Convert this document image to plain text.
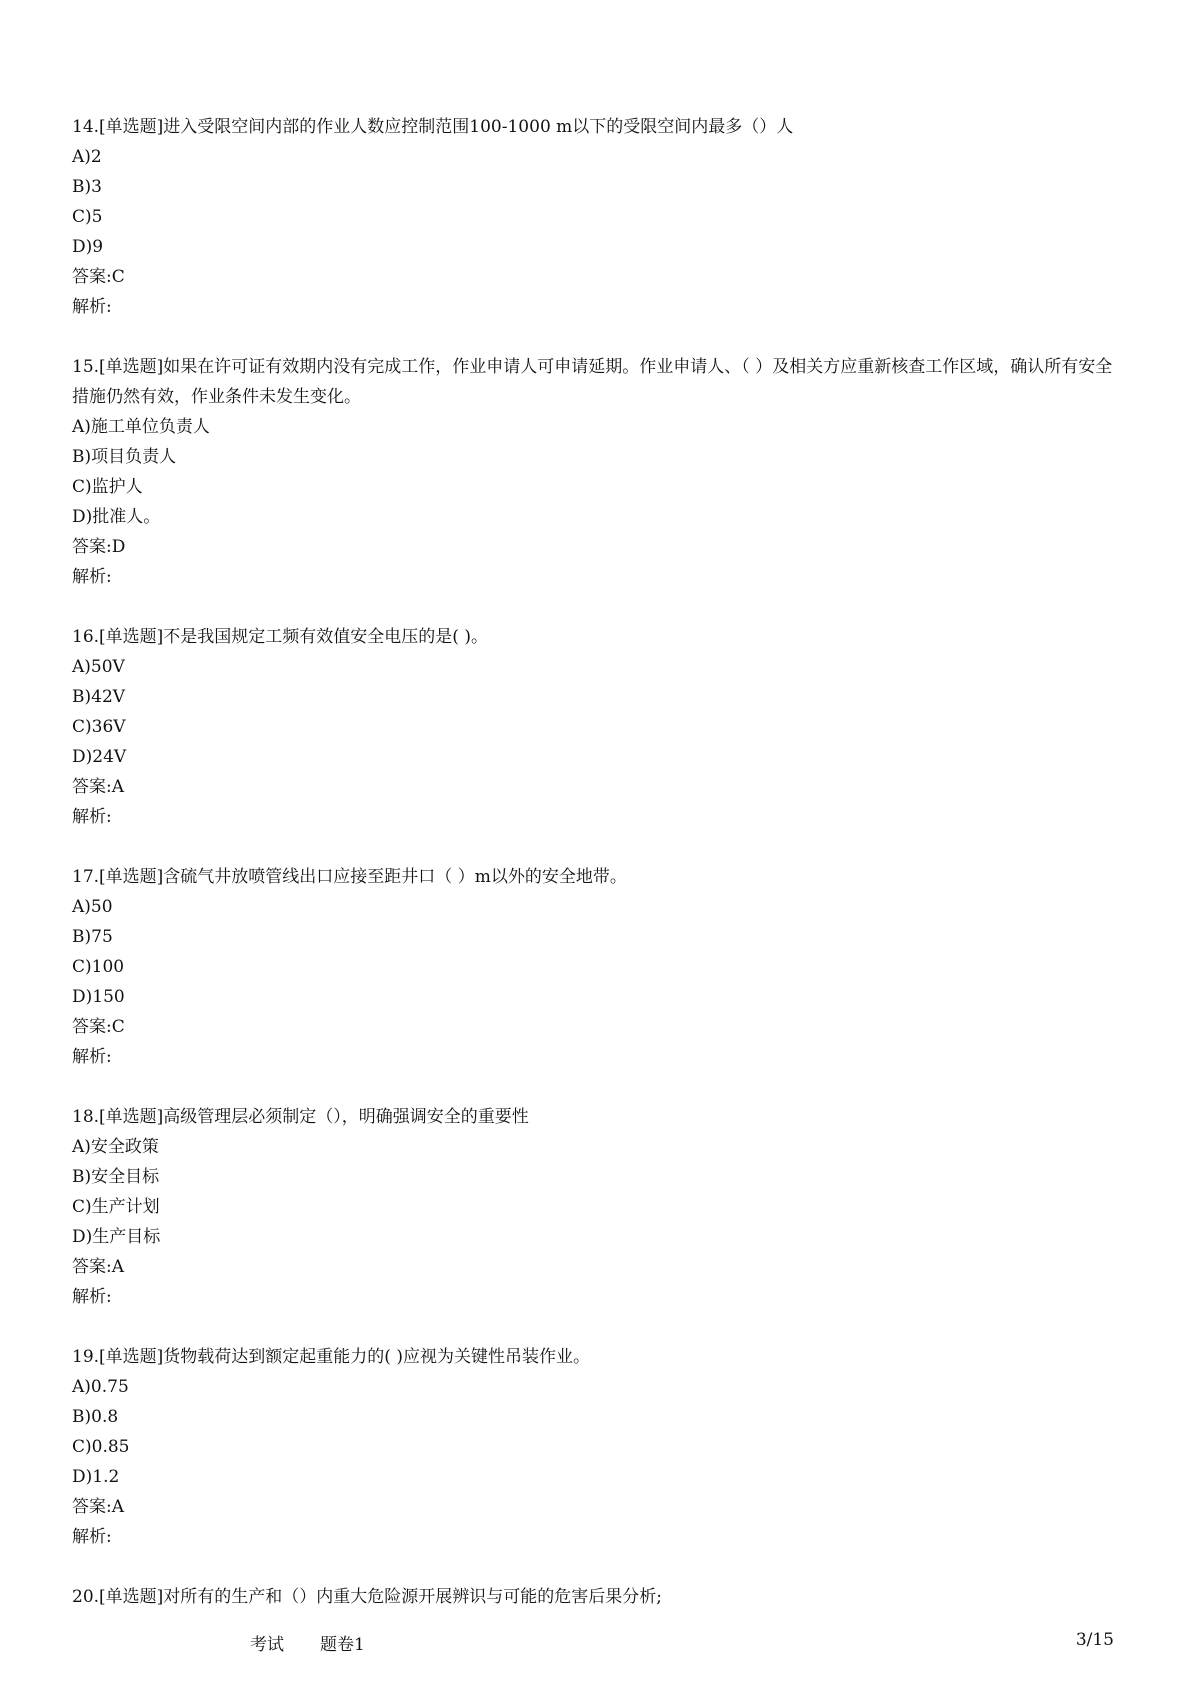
14.[单选题]进入受限空间内部的作业人数应控制范围100-1000 m以下的受限空间内最多（）人

A)2

B)3

C)5

D)9

答案:C

解析:

15.[单选题]如果在许可证有效期内没有完成工作，作业申请人可申请延期。作业申请人、（ ）及相关方应重新核查工作区域，确认所有安全措施仍然有效，作业条件未发生变化。

A)施工单位负责人

B)项目负责人

C)监护人

D)批准人。

答案:D

解析:

16.[单选题]不是我国规定工频有效值安全电压的是( )。

A)50V

B)42V

C)36V

D)24V

答案:A

解析:

17.[单选题]含硫气井放喷管线出口应接至距井口（ ）m以外的安全地带。

A)50

B)75

C)100

D)150

答案:C

解析:

18.[单选题]高级管理层必须制定（），明确强调安全的重要性

A)安全政策

B)安全目标

C)生产计划

D)生产目标

答案:A

解析:

19.[单选题]货物载荷达到额定起重能力的( )应视为关键性吊装作业。

A)0.75

B)0.8

C)0.85

D)1.2

答案:A

解析:

20.[单选题]对所有的生产和（）内重大危险源开展辨识与可能的危害后果分析;

考试 题卷1	3/15
